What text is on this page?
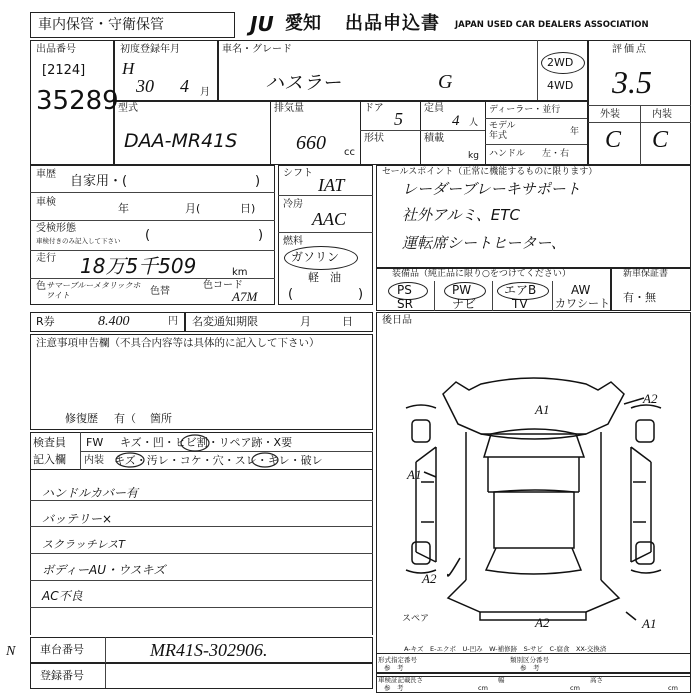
車内保管・守衛保管	JU 愛知 出品申込書 JAPAN USED CAR DEALERS ASSOCIATION
出品番号
[2124]
35289
初度登録年月
H
30 4 月
車名・グレード
ハスラー	G
2WD
4WD
評価点
3.5
外装	内装
C C
型式
DAA-MR41S
排気量
660 cc
ドア
5
定員
4 人
形状	積載
kg
ディーラー・並行
モデル
年式	年
ハンドル 左・右
車歴 自家用・(	)
車検	年	月(	日)
受検形態
車検付きのみ記入して下さい (	)
走行 18万5千509	km
色 サマーブルーメタリックホワイト	色替
色コード
A7M
シフト
IAT
冷房
AAC
燃料
ガソリン
軽　油
(	)
セールスポイント（正常に機能するものに限ります）
レーダーブレーキサポート
社外アルミ、ETC
運転席シートヒーター、
装備品（純正品に限り○をつけてください）
PS
SR
PW
ナビ
エアB
TV
AW
カワシート
新車保証書
有・無
R券	8.400	円 名変通知期限	月	日
注意事項申告欄（不具合内容等は具体的に記入して下さい）
修復歴 有（ 箇所
検査員
記入欄
FW キズ・凹・ヒビ割・リペア跡・X要
内装 キズ・汚レ・コケ・穴・スレ・キレ・破レ
ハンドルカバー有
バッテリー×
スクラッチレスT
ボディーAU・ウスキズ
AC不良
後日品
A1
A2
A1
A2
A2	A1
スペア
A-キズ　E-エクボ　U-凹み　W-補修跡　S-サビ　C-腐食　XX-交換済
車台番号	MR41S-302906.
登録番号
形式指定番号	類別区分番号
参　考	参　考
車検証記載
参　考
長さ
cm
幅
cm
高さ
cm
N
